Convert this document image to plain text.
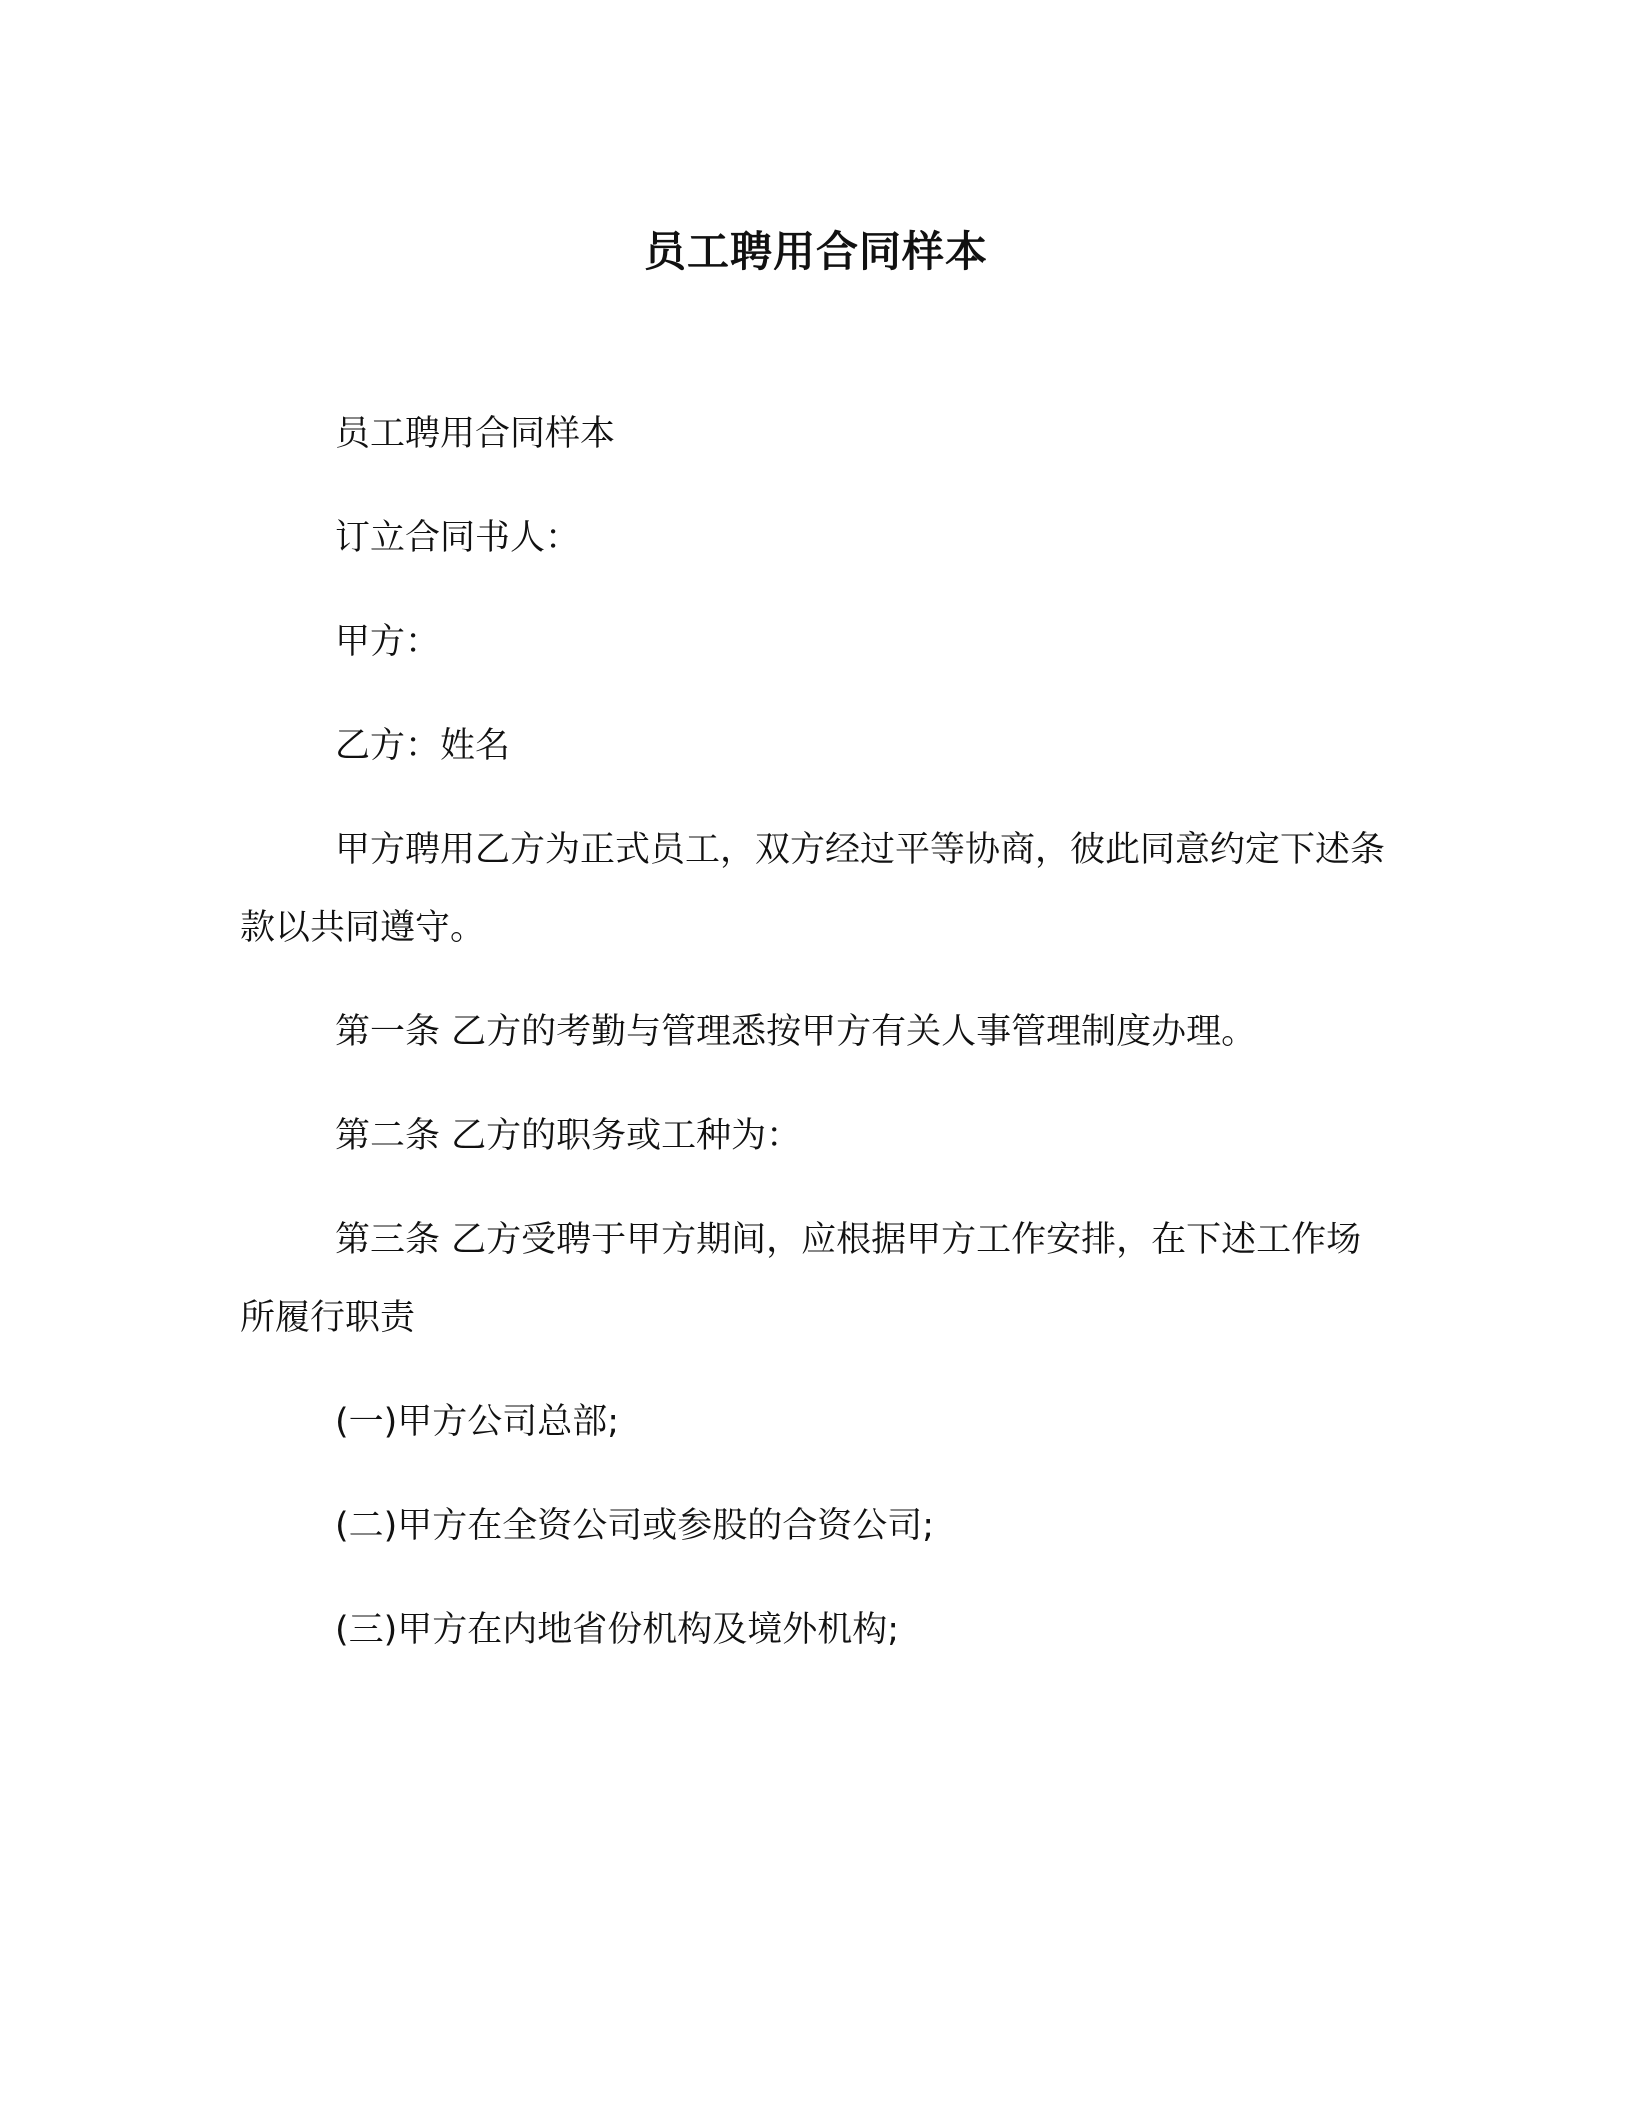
员工聘用合同样本

员工聘用合同样本

订立合同书人：

甲方：

乙方：姓名

甲方聘用乙方为正式员工，双方经过平等协商，彼此同意约定下述条款以共同遵守。

第一条 乙方的考勤与管理悉按甲方有关人事管理制度办理。

第二条 乙方的职务或工种为：

第三条 乙方受聘于甲方期间，应根据甲方工作安排，在下述工作场所履行职责

(一)甲方公司总部;

(二)甲方在全资公司或参股的合资公司;

(三)甲方在内地省份机构及境外机构;
